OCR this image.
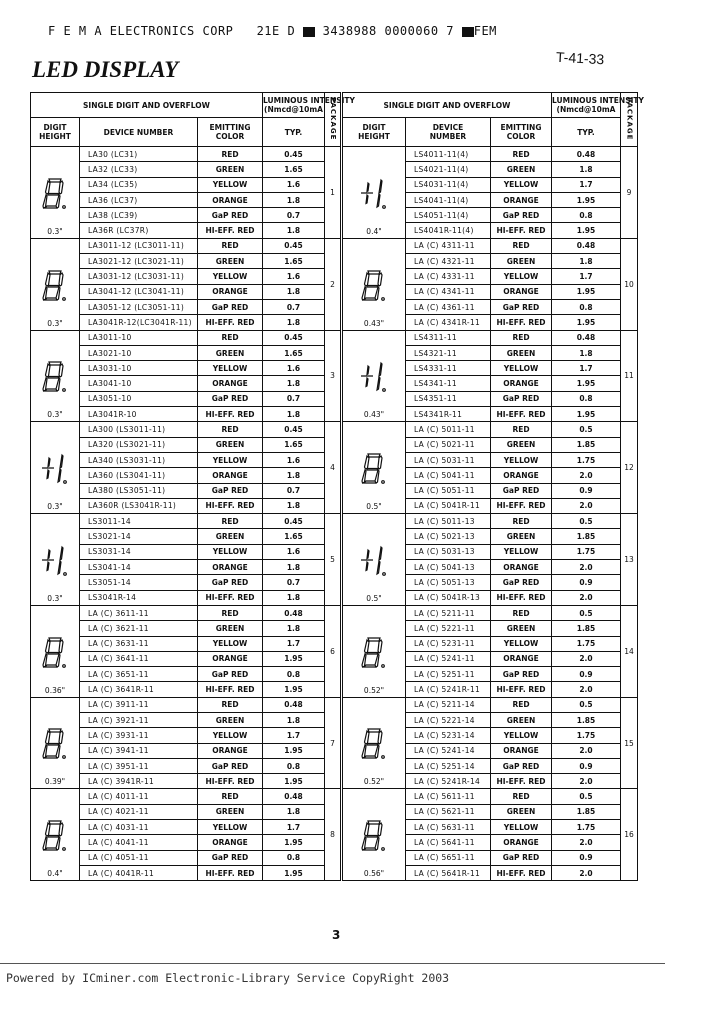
F E M A ELECTRONICS CORP 21E D 3438988 0000060 7 FEM
LED DISPLAY	T-41-33
SINGLE DIGIT AND OVERFLOW			LUMINOUS INTENSITY
(Nmcd@10mA	PACKAGE
DIGIT HEIGHT	DEVICE NUMBER	EMITTING COLOR	TYP.	

0.3"	LA30 (LC31)	RED	0.45	1
	LA32 (LC33)	GREEN	1.65	
	LA34 (LC35)	YELLOW	1.6	
	LA36 (LC37)	ORANGE	1.8	
	LA38 (LC39)	GaP RED	0.7	
	LA36R (LC37R)	HI-EFF. RED	1.8	

0.3"	LA3011-12 (LC3011-11)	RED	0.45	2
	LA3021-12 (LC3021-11)	GREEN	1.65	
	LA3031-12 (LC3031-11)	YELLOW	1.6	
	LA3041-12 (LC3041-11)	ORANGE	1.8	
	LA3051-12 (LC3051-11)	GaP RED	0.7	
	LA3041R-12(LC3041R-11)	HI-EFF. RED	1.8	

0.3"	LA3011-10	RED	0.45	3
	LA3021-10	GREEN	1.65	
	LA3031-10	YELLOW	1.6	
	LA3041-10	ORANGE	1.8	
	LA3051-10	GaP RED	0.7	
	LA3041R-10	HI-EFF. RED	1.8	

0.3"	LA300 (LS3011-11)	RED	0.45	4
	LA320 (LS3021-11)	GREEN	1.65	
	LA340 (LS3031-11)	YELLOW	1.6	
	LA360 (LS3041-11)	ORANGE	1.8	
	LA380 (LS3051-11)	GaP RED	0.7	
	LA360R (LS3041R-11)	HI-EFF. RED	1.8	

0.3"	LS3011-14	RED	0.45	5
	LS3021-14	GREEN	1.65	
	LS3031-14	YELLOW	1.6	
	LS3041-14	ORANGE	1.8	
	LS3051-14	GaP RED	0.7	
	LS3041R-14	HI-EFF. RED	1.8	

0.36"	LA (C) 3611-11	RED	0.48	6
	LA (C) 3621-11	GREEN	1.8	
	LA (C) 3631-11	YELLOW	1.7	
	LA (C) 3641-11	ORANGE	1.95	
	LA (C) 3651-11	GaP RED	0.8	
	LA (C) 3641R-11	HI-EFF. RED	1.95	

0.39"	LA (C) 3911-11	RED	0.48	7
	LA (C) 3921-11	GREEN	1.8	
	LA (C) 3931-11	YELLOW	1.7	
	LA (C) 3941-11	ORANGE	1.95	
	LA (C) 3951-11	GaP RED	0.8	
	LA (C) 3941R-11	HI-EFF. RED	1.95	

0.4"	LA (C) 4011-11	RED	0.48	8
	LA (C) 4021-11	GREEN	1.8	
	LA (C) 4031-11	YELLOW	1.7	
	LA (C) 4041-11	ORANGE	1.95	
	LA (C) 4051-11	GaP RED	0.8	
	LA (C) 4041R-11	HI-EFF. RED	1.95	
SINGLE DIGIT AND OVERFLOW			LUMINOUS INTENSITY
(Nmcd@10mA	PACKAGE
DIGIT HEIGHT	DEVICE NUMBER	EMITTING COLOR	TYP.	

0.4"	LS4011-11(4)	RED	0.48	9
	LS4021-11(4)	GREEN	1.8	
	LS4031-11(4)	YELLOW	1.7	
	LS4041-11(4)	ORANGE	1.95	
	LS4051-11(4)	GaP RED	0.8	
	LS4041R-11(4)	HI-EFF. RED	1.95	

0.43"	LA (C) 4311-11	RED	0.48	10
	LA (C) 4321-11	GREEN	1.8	
	LA (C) 4331-11	YELLOW	1.7	
	LA (C) 4341-11	ORANGE	1.95	
	LA (C) 4361-11	GaP RED	0.8	
	LA (C) 4341R-11	HI-EFF. RED	1.95	

0.43"	LS4311-11	RED	0.48	11
	LS4321-11	GREEN	1.8	
	LS4331-11	YELLOW	1.7	
	LS4341-11	ORANGE	1.95	
	LS4351-11	GaP RED	0.8	
	LS4341R-11	HI-EFF. RED	1.95	

0.5"	LA (C) 5011-11	RED	0.5	12
	LA (C) 5021-11	GREEN	1.85	
	LA (C) 5031-11	YELLOW	1.75	
	LA (C) 5041-11	ORANGE	2.0	
	LA (C) 5051-11	GaP RED	0.9	
	LA (C) 5041R-11	HI-EFF. RED	2.0	

0.5"	LA (C) 5011-13	RED	0.5	13
	LA (C) 5021-13	GREEN	1.85	
	LA (C) 5031-13	YELLOW	1.75	
	LA (C) 5041-13	ORANGE	2.0	
	LA (C) 5051-13	GaP RED	0.9	
	LA (C) 5041R-13	HI-EFF. RED	2.0	

0.52"	LA (C) 5211-11	RED	0.5	14
	LA (C) 5221-11	GREEN	1.85	
	LA (C) 5231-11	YELLOW	1.75	
	LA (C) 5241-11	ORANGE	2.0	
	LA (C) 5251-11	GaP RED	0.9	
	LA (C) 5241R-11	HI-EFF. RED	2.0	

0.52"	LA (C) 5211-14	RED	0.5	15
	LA (C) 5221-14	GREEN	1.85	
	LA (C) 5231-14	YELLOW	1.75	
	LA (C) 5241-14	ORANGE	2.0	
	LA (C) 5251-14	GaP RED	0.9	
	LA (C) 5241R-14	HI-EFF. RED	2.0	

0.56"	LA (C) 5611-11	RED	0.5	16
	LA (C) 5621-11	GREEN	1.85	
	LA (C) 5631-11	YELLOW	1.75	
	LA (C) 5641-11	ORANGE	2.0	
	LA (C) 5651-11	GaP RED	0.9	
	LA (C) 5641R-11	HI-EFF. RED	2.0	
3
Powered by ICminer.com Electronic-Library Service CopyRight 2003
